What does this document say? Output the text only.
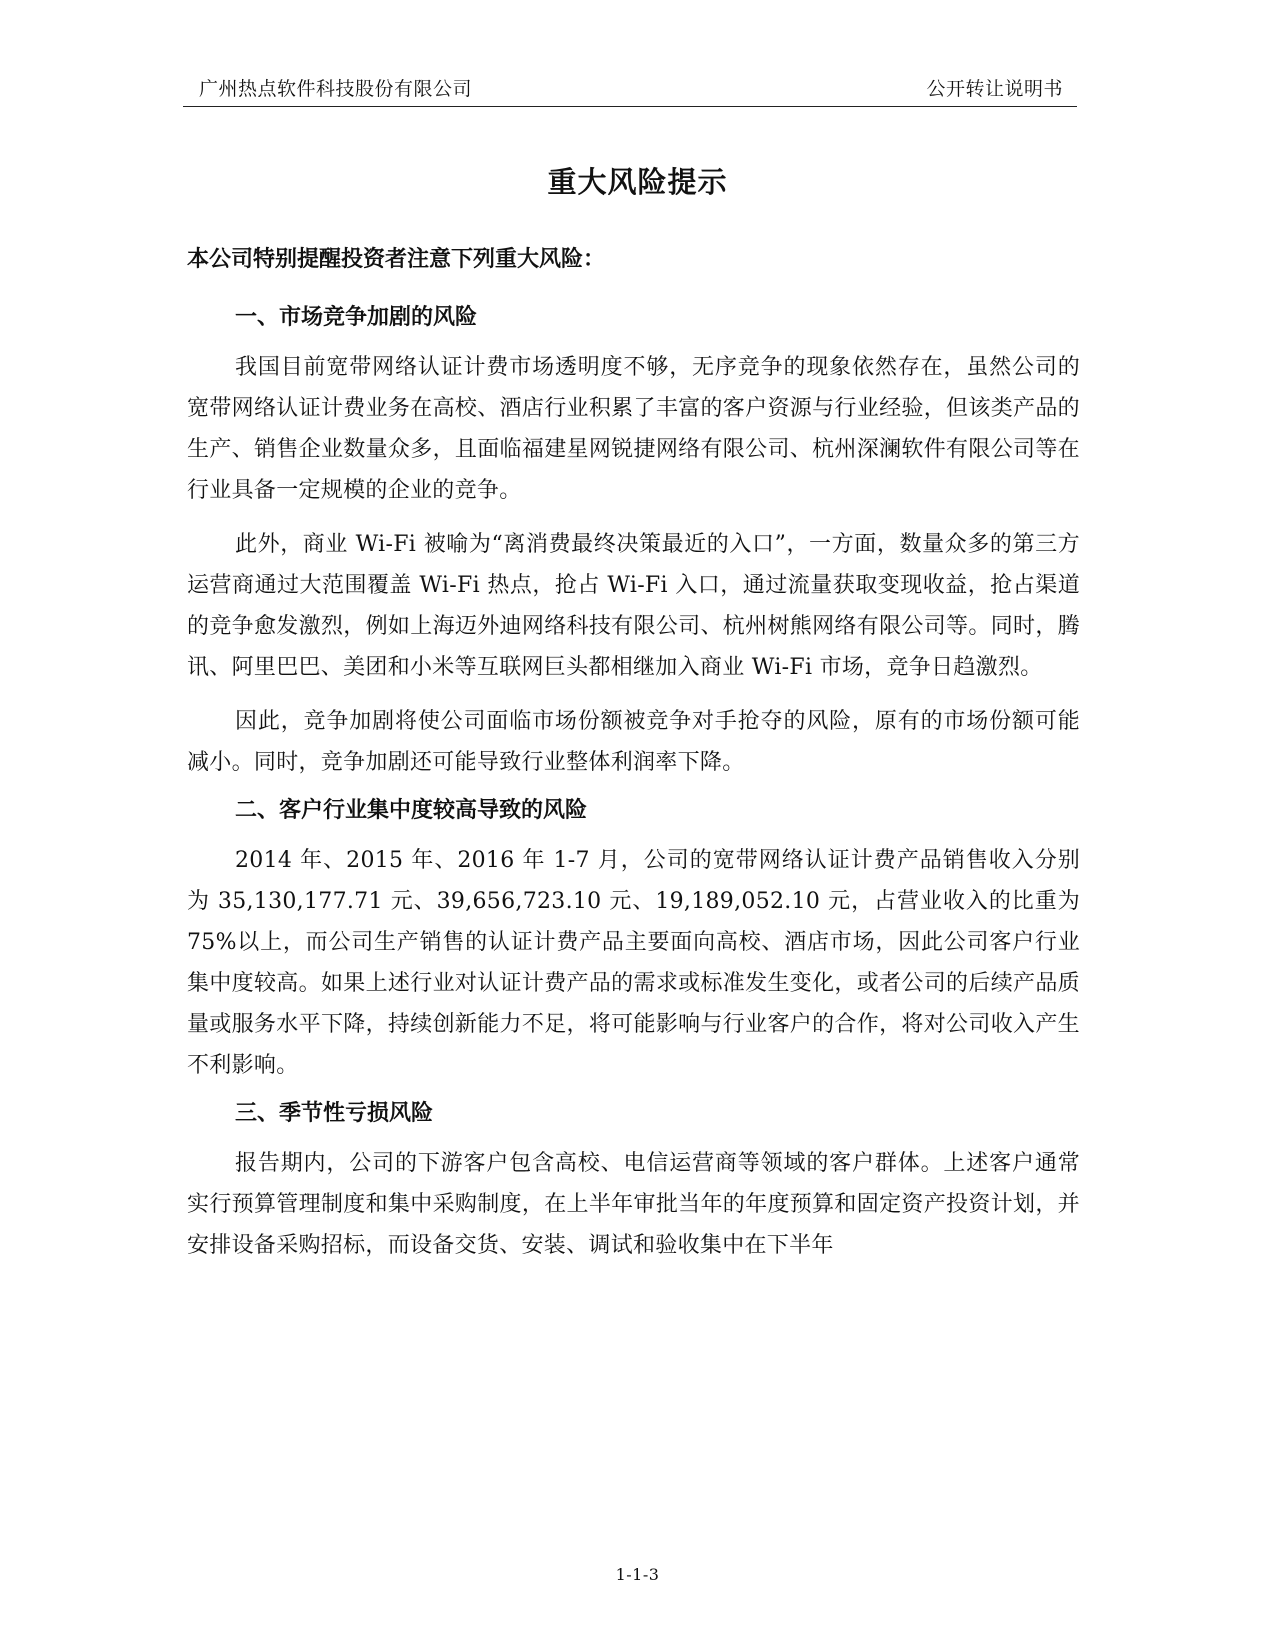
广州热点软件科技股份有限公司	公开转让说明书
重大风险提示

本公司特别提醒投资者注意下列重大风险：

一、市场竞争加剧的风险

我国目前宽带网络认证计费市场透明度不够，无序竞争的现象依然存在，虽然公司的宽带网络认证计费业务在高校、酒店行业积累了丰富的客户资源与行业经验，但该类产品的生产、销售企业数量众多，且面临福建星网锐捷网络有限公司、杭州深澜软件有限公司等在行业具备一定规模的企业的竞争。

此外，商业 Wi-Fi 被喻为“离消费最终决策最近的入口”，一方面，数量众多的第三方运营商通过大范围覆盖 Wi-Fi 热点，抢占 Wi-Fi 入口，通过流量获取变现收益，抢占渠道的竞争愈发激烈，例如上海迈外迪网络科技有限公司、杭州树熊网络有限公司等。同时，腾讯、阿里巴巴、美团和小米等互联网巨头都相继加入商业 Wi-Fi 市场，竞争日趋激烈。

因此，竞争加剧将使公司面临市场份额被竞争对手抢夺的风险，原有的市场份额可能减小。同时，竞争加剧还可能导致行业整体利润率下降。

二、客户行业集中度较高导致的风险

2014 年、2015 年、2016 年 1-7 月，公司的宽带网络认证计费产品销售收入分别为 35,130,177.71 元、39,656,723.10 元、19,189,052.10 元，占营业收入的比重为 75%以上，而公司生产销售的认证计费产品主要面向高校、酒店市场，因此公司客户行业集中度较高。如果上述行业对认证计费产品的需求或标准发生变化，或者公司的后续产品质量或服务水平下降，持续创新能力不足，将可能影响与行业客户的合作，将对公司收入产生不利影响。

三、季节性亏损风险

报告期内，公司的下游客户包含高校、电信运营商等领域的客户群体。上述客户通常实行预算管理制度和集中采购制度，在上半年审批当年的年度预算和固定资产投资计划，并安排设备采购招标，而设备交货、安装、调试和验收集中在下半年

1-1-3
